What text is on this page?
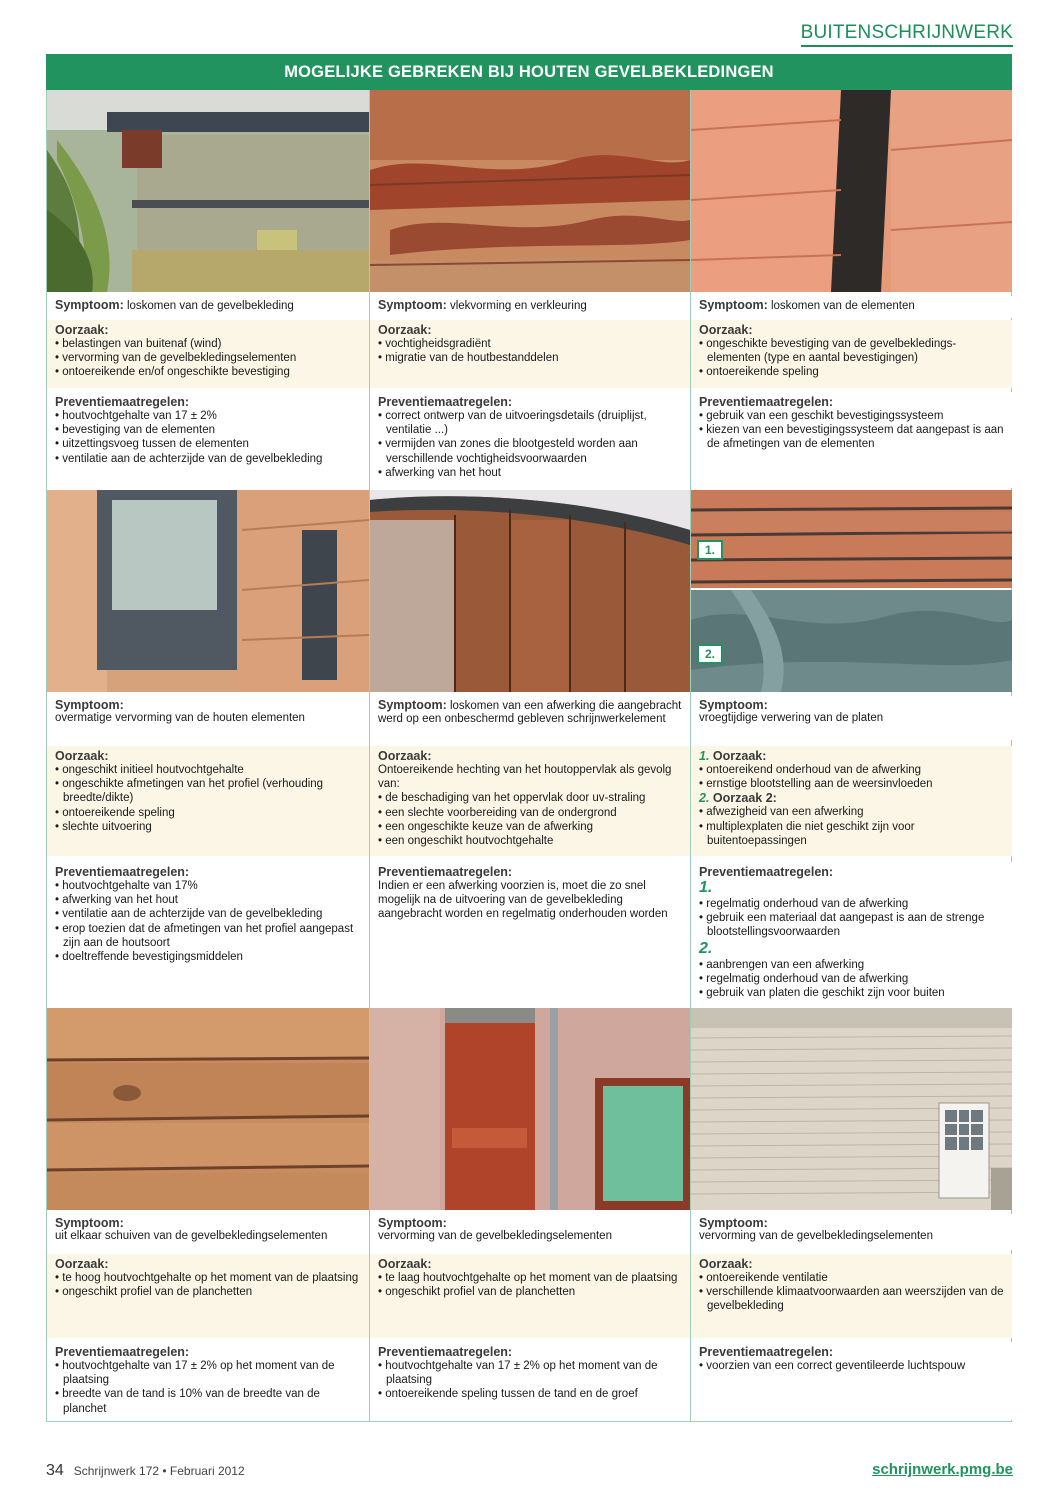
BUITENSCHRIJNWERK
MOGELIJKE GEBREKEN BIJ HOUTEN GEVELBEKLEDINGEN
Symptoom: loskomen van de gevelbekleding
Oorzaak:
• belastingen van buitenaf (wind)
• vervorming van de gevelbekledingselementen
• ontoereikende en/of ongeschikte bevestiging
Preventiemaatregelen:
• houtvochtgehalte van 17 ± 2%
• bevestiging van de elementen
• uitzettingsvoeg tussen de elementen
• ventilatie aan de achterzijde van de gevelbekleding
Symptoom: vlekvorming en verkleuring
Oorzaak:
• vochtigheidsgradiënt
• migratie van de houtbestanddelen
Preventiemaatregelen:
• correct ontwerp van de uitvoeringsdetails (druiplijst, ventilatie ...)
• vermijden van zones die blootgesteld worden aan verschillende vochtigheidsvoorwaarden
• afwerking van het hout
Symptoom: loskomen van de elementen
Oorzaak:
• ongeschikte bevestiging van de gevelbekledings-elementen (type en aantal bevestigingen)
• ontoereikende speling
Preventiemaatregelen:
• gebruik van een geschikt bevestigingssysteem
• kiezen van een bevestigingssysteem dat aangepast is aan de afmetingen van de elementen
Symptoom:
overmatige vervorming van de houten elementen
Oorzaak:
• ongeschikt initieel houtvochtgehalte
• ongeschikte afmetingen van het profiel (verhouding breedte/dikte)
• ontoereikende speling
• slechte uitvoering
Preventiemaatregelen:
• houtvochtgehalte van 17%
• afwerking van het hout
• ventilatie aan de achterzijde van de gevelbekleding
• erop toezien dat de afmetingen van het profiel aangepast zijn aan de houtsoort
• doeltreffende bevestigingsmiddelen
Symptoom: loskomen van een afwerking die aangebracht werd op een onbeschermd gebleven schrijnwerkelement
Oorzaak:

Ontoereikende hechting van het houtoppervlak als gevolg van:

• de beschadiging van het oppervlak door uv-straling
• een slechte voorbereiding van de ondergrond
• een ongeschikte keuze van de afwerking
• een ongeschikt houtvochtgehalte
Preventiemaatregelen:

Indien er een afwerking voorzien is, moet die zo snel mogelijk na de uitvoering van de gevelbekleding aangebracht worden en regelmatig onderhouden worden

1.
2.
Symptoom:
vroegtijdige verwering van de platen
1. Oorzaak:
• ontoereikend onderhoud van de afwerking
• ernstige blootstelling aan de weersinvloeden
2. Oorzaak 2:
• afwezigheid van een afwerking
• multiplexplaten die niet geschikt zijn voor buitentoepassingen
Preventiemaatregelen:
1.
• regelmatig onderhoud van de afwerking
• gebruik een materiaal dat aangepast is aan de strenge blootstellingsvoorwaarden
2.
• aanbrengen van een afwerking
• regelmatig onderhoud van de afwerking
• gebruik van platen die geschikt zijn voor buiten
Symptoom:
uit elkaar schuiven van de gevelbekledingselementen
Oorzaak:
• te hoog houtvochtgehalte op het moment van de plaatsing
• ongeschikt profiel van de planchetten
Preventiemaatregelen:
• houtvochtgehalte van 17 ± 2% op het moment van de plaatsing
• breedte van de tand is 10% van de breedte van de planchet
Symptoom:
vervorming van de gevelbekledingselementen
Oorzaak:
• te laag houtvochtgehalte op het moment van de plaatsing
• ongeschikt profiel van de planchetten
Preventiemaatregelen:
• houtvochtgehalte van 17 ± 2% op het moment van de plaatsing
• ontoereikende speling tussen de tand en de groef
Symptoom:
vervorming van de gevelbekledingselementen
Oorzaak:
• ontoereikende ventilatie
• verschillende klimaatvoorwaarden aan weerszijden van de gevelbekleding
Preventiemaatregelen:
• voorzien van een correct geventileerde luchtspouw
34 Schrijnwerk 172 • Februari 2012	schrijnwerk.pmg.be
